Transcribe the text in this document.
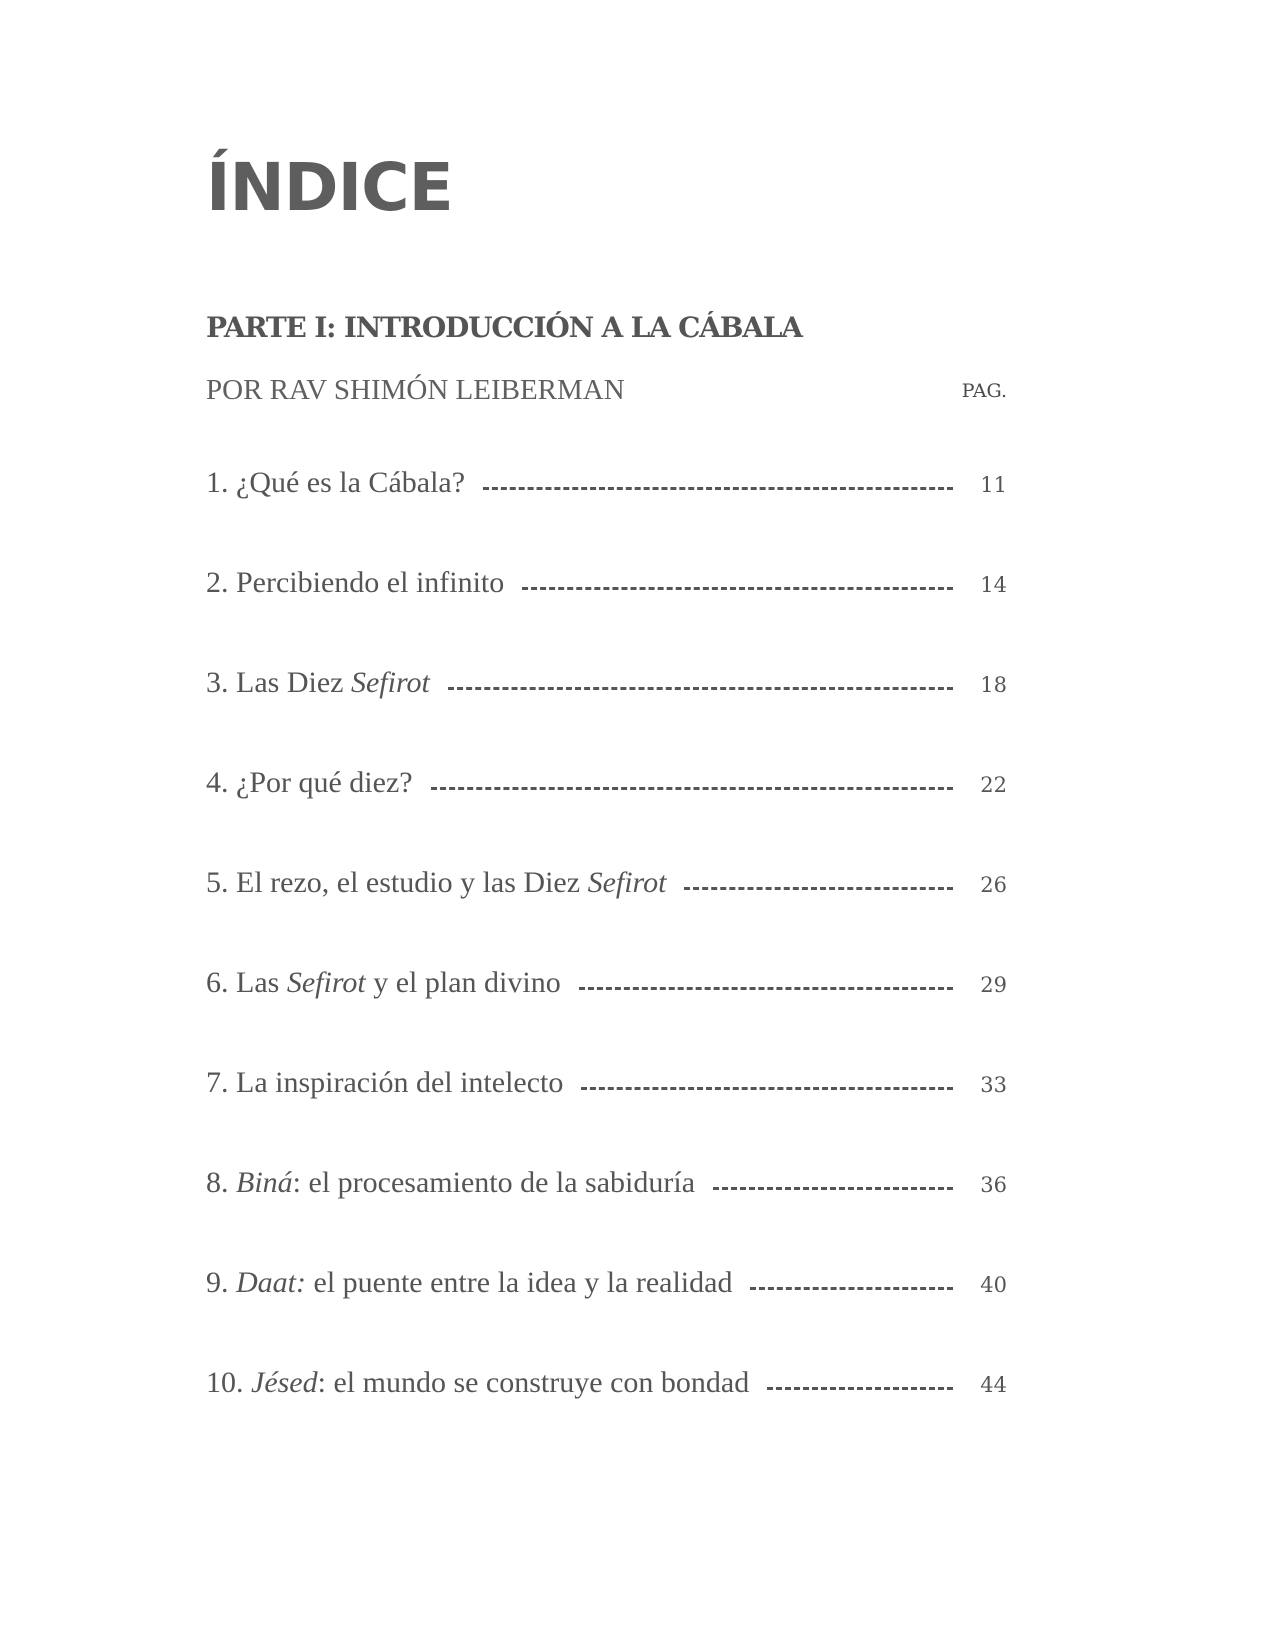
ÍNDICE
PARTE I: INTRODUCCIÓN A LA CÁBALA
POR RAV SHIMÓN LEIBERMAN	PAG.
1. ¿Qué es la Cábala?	11
2. Percibiendo el infinito	14
3. Las Diez Sefirot	18
4. ¿Por qué diez?	22
5. El rezo, el estudio y las Diez Sefirot	26
6. Las Sefirot y el plan divino	29
7. La inspiración del intelecto	33
8. Biná: el procesamiento de la sabiduría	36
9. Daat: el puente entre la idea y la realidad	40
10. Jésed: el mundo se construye con bondad	44
